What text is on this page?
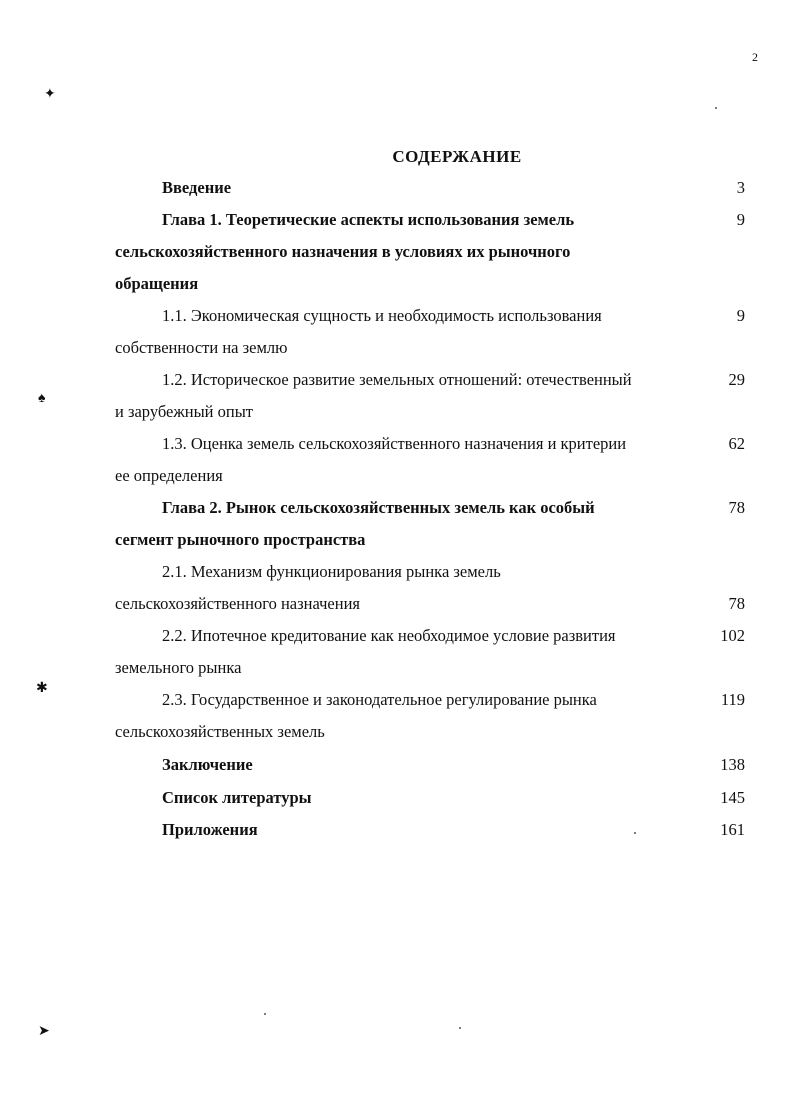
✦
♠
✱
➤
2
СОДЕРЖАНИЕ
Введение	3
Глава 1. Теоретические аспекты использования земель	9
сельскохозяйственного назначения в условиях их рыночного
обращения
1.1. Экономическая сущность и необходимость использования	9
собственности на землю
1.2. Историческое развитие земельных отношений: отечественный	29
и зарубежный опыт
1.3. Оценка земель сельскохозяйственного назначения и критерии	62
ее определения
Глава 2. Рынок сельскохозяйственных земель как особый	78
сегмент рыночного пространства
2.1. Механизм функционирования рынка земель
сельскохозяйственного назначения	78
2.2. Ипотечное кредитование как необходимое условие развития	102
земельного рынка
2.3. Государственное и законодательное регулирование рынка	119
сельскохозяйственных земель
Заключение	138
Список литературы	145
Приложения	161
